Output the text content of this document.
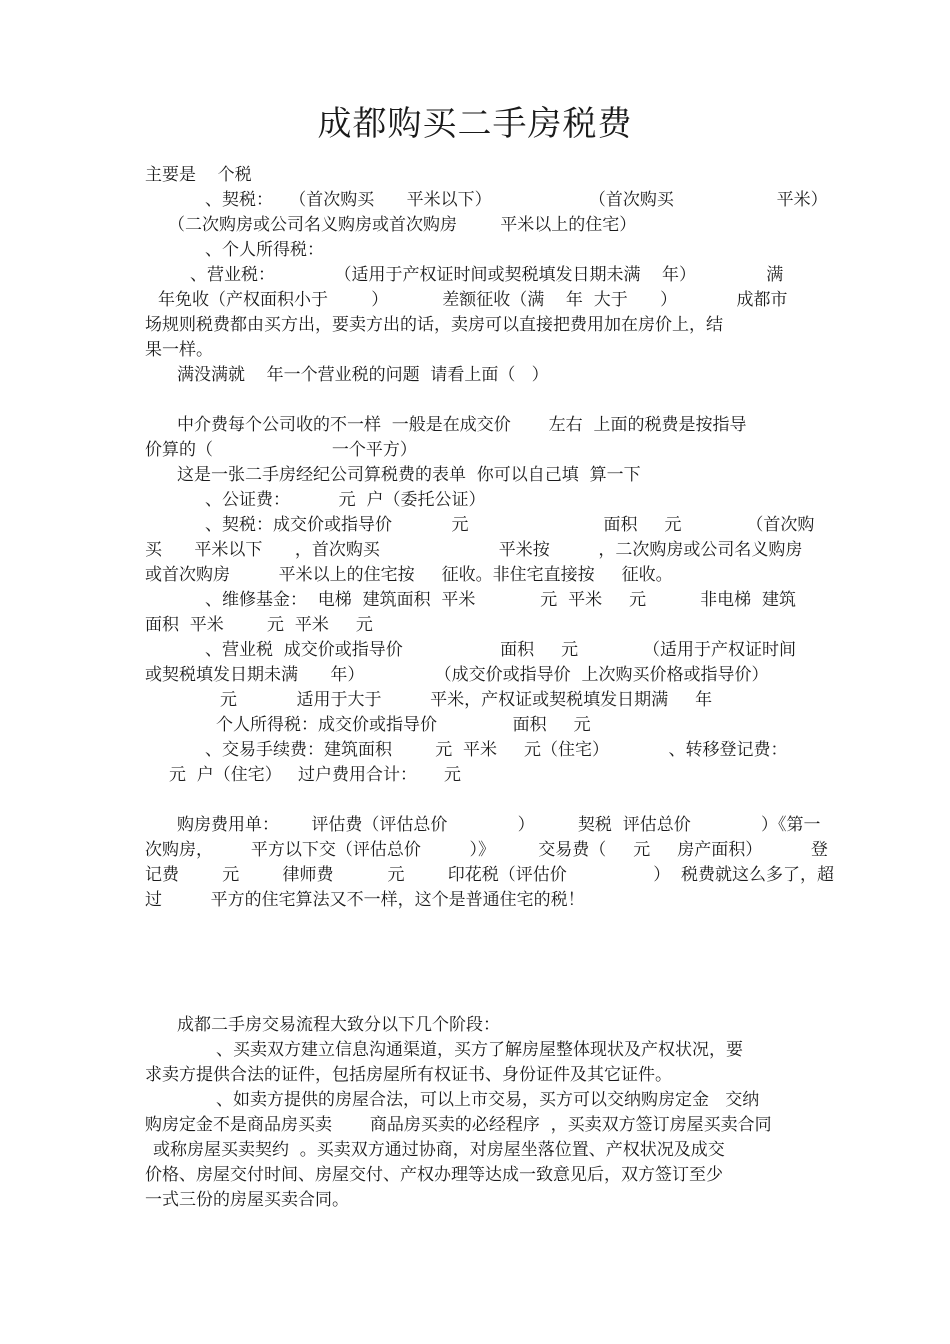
成都购买二手房税费

主要是    个税

、契税：   （首次购买      平米以下）                  （首次购买                   平米）

（二次购房或公司名义购房或首次购房        平米以上的住宅）

、个人所得税：

、营业税：           （适用于产权证时间或契税填发日期未满    年）             满

年免收（产权面积小于        ）          差额征收（满    年  大于      ）           成都市

场规则税费都由买方出，要卖方出的话，卖房可以直接把费用加在房价上，结

果一样。

满没满就    年一个营业税的问题  请看上面（   ）

中介费每个公司收的不一样  一般是在成交价       左右  上面的税费是按指导

价算的（                      一个平方）

这是一张二手房经纪公司算税费的表单  你可以自己填  算一下

、公证费：         元  户（委托公证）

、契税：成交价或指导价           元                         面积     元            （首次购

买      平米以下      ，首次购买                      平米按         ，二次购房或公司名义购房

或首次购房         平米以上的住宅按     征收。非住宅直接按     征收。

、维修基金：  电梯  建筑面积  平米            元  平米     元          非电梯  建筑

面积  平米        元  平米     元

、营业税  成交价或指导价                  面积     元            （适用于产权证时间

或契税填发日期未满      年）             （成交价或指导价  上次购买价格或指导价）

元           适用于大于         平米，产权证或契税填发日期满     年

个人所得税：成交价或指导价              面积     元

、交易手续费：建筑面积        元  平米     元（住宅）           、转移登记费：

元  户（住宅）   过户费用合计：     元

购房费用单：      评估费（评估总价             ）        契税  评估总价             ）《第一

次购房，       平方以下交（评估总价         ）》        交易费（     元     房产面积）         登

记费        元        律师费          元        印花税（评估价                ）  税费就这么多了，超

过         平方的住宅算法又不一样，这个是普通住宅的税！

成都二手房交易流程大致分以下几个阶段：

、买卖双方建立信息沟通渠道，买方了解房屋整体现状及产权状况，要

求卖方提供合法的证件，包括房屋所有权证书、身份证件及其它证件。

、如卖方提供的房屋合法，可以上市交易，买方可以交纳购房定金   交纳

购房定金不是商品房买卖       商品房买卖的必经程序  ，买卖双方签订房屋买卖合同

或称房屋买卖契约  。买卖双方通过协商，对房屋坐落位置、产权状况及成交

价格、房屋交付时间、房屋交付、产权办理等达成一致意见后，双方签订至少

一式三份的房屋买卖合同。
